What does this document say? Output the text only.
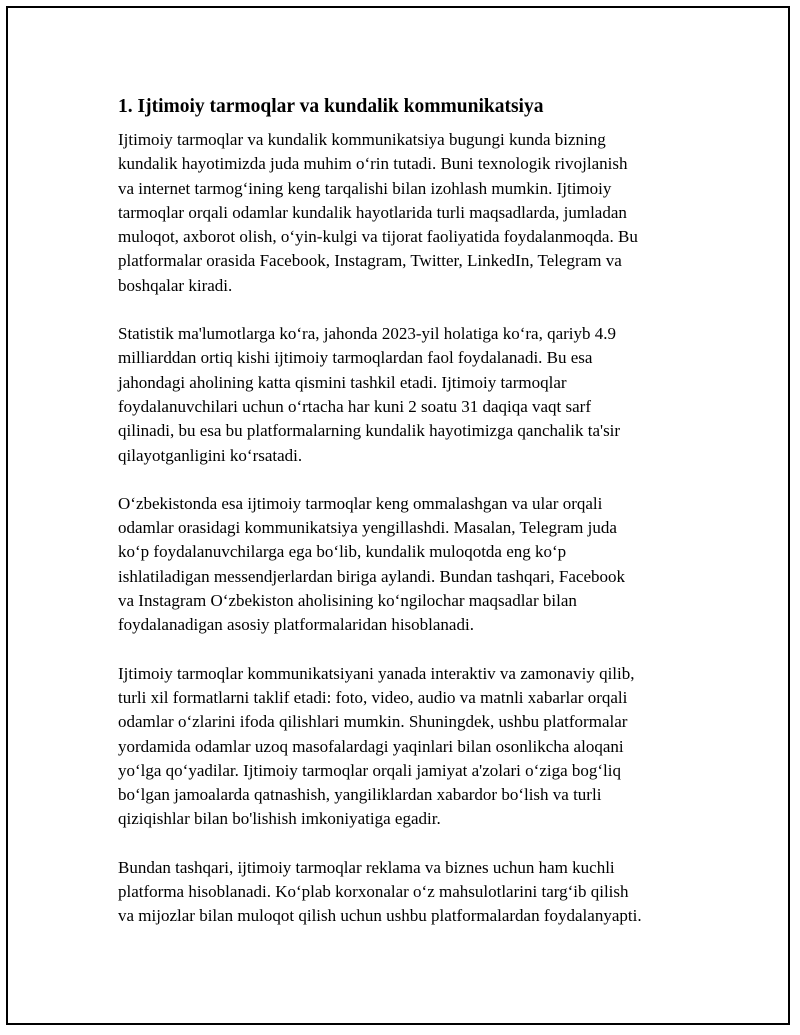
1. Ijtimoiy tarmoqlar va kundalik kommunikatsiya

Ijtimoiy tarmoqlar va kundalik kommunikatsiya bugungi kunda bizning
kundalik hayotimizda juda muhim oʻrin tutadi. Buni texnologik rivojlanish
va internet tarmogʻining keng tarqalishi bilan izohlash mumkin. Ijtimoiy
tarmoqlar orqali odamlar kundalik hayotlarida turli maqsadlarda, jumladan
muloqot, axborot olish, oʻyin-kulgi va tijorat faoliyatida foydalanmoqda. Bu
platformalar orasida Facebook, Instagram, Twitter, LinkedIn, Telegram va
boshqalar kiradi.

Statistik ma'lumotlarga koʻra, jahonda 2023-yil holatiga koʻra, qariyb 4.9
milliarddan ortiq kishi ijtimoiy tarmoqlardan faol foydalanadi. Bu esa
jahondagi aholining katta qismini tashkil etadi. Ijtimoiy tarmoqlar
foydalanuvchilari uchun oʻrtacha har kuni 2 soatu 31 daqiqa vaqt sarf
qilinadi, bu esa bu platformalarning kundalik hayotimizga qanchalik ta'sir
qilayotganligini koʻrsatadi.

Oʻzbekistonda esa ijtimoiy tarmoqlar keng ommalashgan va ular orqali
odamlar orasidagi kommunikatsiya yengillashdi. Masalan, Telegram juda
koʻp foydalanuvchilarga ega boʻlib, kundalik muloqotda eng koʻp
ishlatiladigan messendjerlardan biriga aylandi. Bundan tashqari, Facebook
va Instagram Oʻzbekiston aholisining koʻngilochar maqsadlar bilan
foydalanadigan asosiy platformalaridan hisoblanadi.

Ijtimoiy tarmoqlar kommunikatsiyani yanada interaktiv va zamonaviy qilib,
turli xil formatlarni taklif etadi: foto, video, audio va matnli xabarlar orqali
odamlar oʻzlarini ifoda qilishlari mumkin. Shuningdek, ushbu platformalar
yordamida odamlar uzoq masofalardagi yaqinlari bilan osonlikcha aloqani
yoʻlga qoʻyadilar. Ijtimoiy tarmoqlar orqali jamiyat a'zolari oʻziga bogʻliq
boʻlgan jamoalarda qatnashish, yangiliklardan xabardor boʻlish va turli
qiziqishlar bilan bo'lishish imkoniyatiga egadir.

Bundan tashqari, ijtimoiy tarmoqlar reklama va biznes uchun ham kuchli
platforma hisoblanadi. Koʻplab korxonalar oʻz mahsulotlarini targʻib qilish
va mijozlar bilan muloqot qilish uchun ushbu platformalardan foydalanyapti.
